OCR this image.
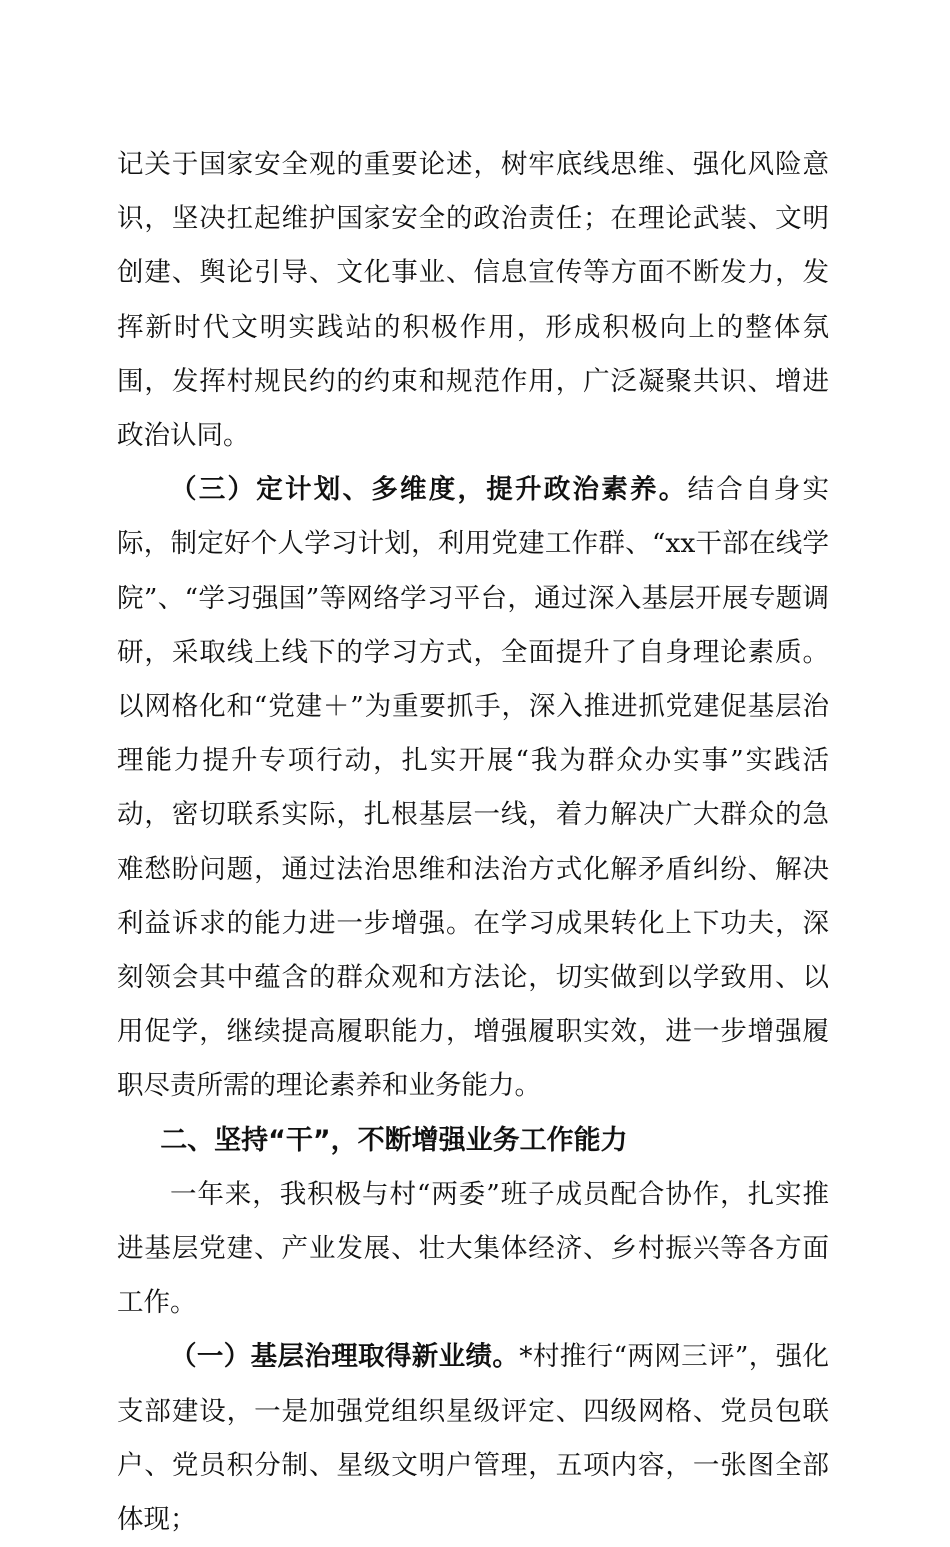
记关于国家安全观的重要论述，树牢底线思维、强化风险意识，坚决扛起维护国家安全的政治责任；在理论武装、文明创建、舆论引导、文化事业、信息宣传等方面不断发力，发挥新时代文明实践站的积极作用，形成积极向上的整体氛围，发挥村规民约的约束和规范作用，广泛凝聚共识、增进政治认同。

（三）定计划、多维度，提升政治素养。结合自身实际，制定好个人学习计划，利用党建工作群、“xx干部在线学院”、“学习强国”等网络学习平台，通过深入基层开展专题调研，采取线上线下的学习方式，全面提升了自身理论素质。以网格化和“党建＋”为重要抓手，深入推进抓党建促基层治理能力提升专项行动，扎实开展“我为群众办实事”实践活动，密切联系实际，扎根基层一线，着力解决广大群众的急难愁盼问题，通过法治思维和法治方式化解矛盾纠纷、解决利益诉求的能力进一步增强。在学习成果转化上下功夫，深刻领会其中蕴含的群众观和方法论，切实做到以学致用、以用促学，继续提高履职能力，增强履职实效，进一步增强履职尽责所需的理论素养和业务能力。

二、坚持“干”，不断增强业务工作能力

一年来，我积极与村“两委”班子成员配合协作，扎实推进基层党建、产业发展、壮大集体经济、乡村振兴等各方面工作。

（一）基层治理取得新业绩。*村推行“两网三评”，强化支部建设，一是加强党组织星级评定、四级网格、党员包联户、党员积分制、星级文明户管理，五项内容，一张图全部体现；
